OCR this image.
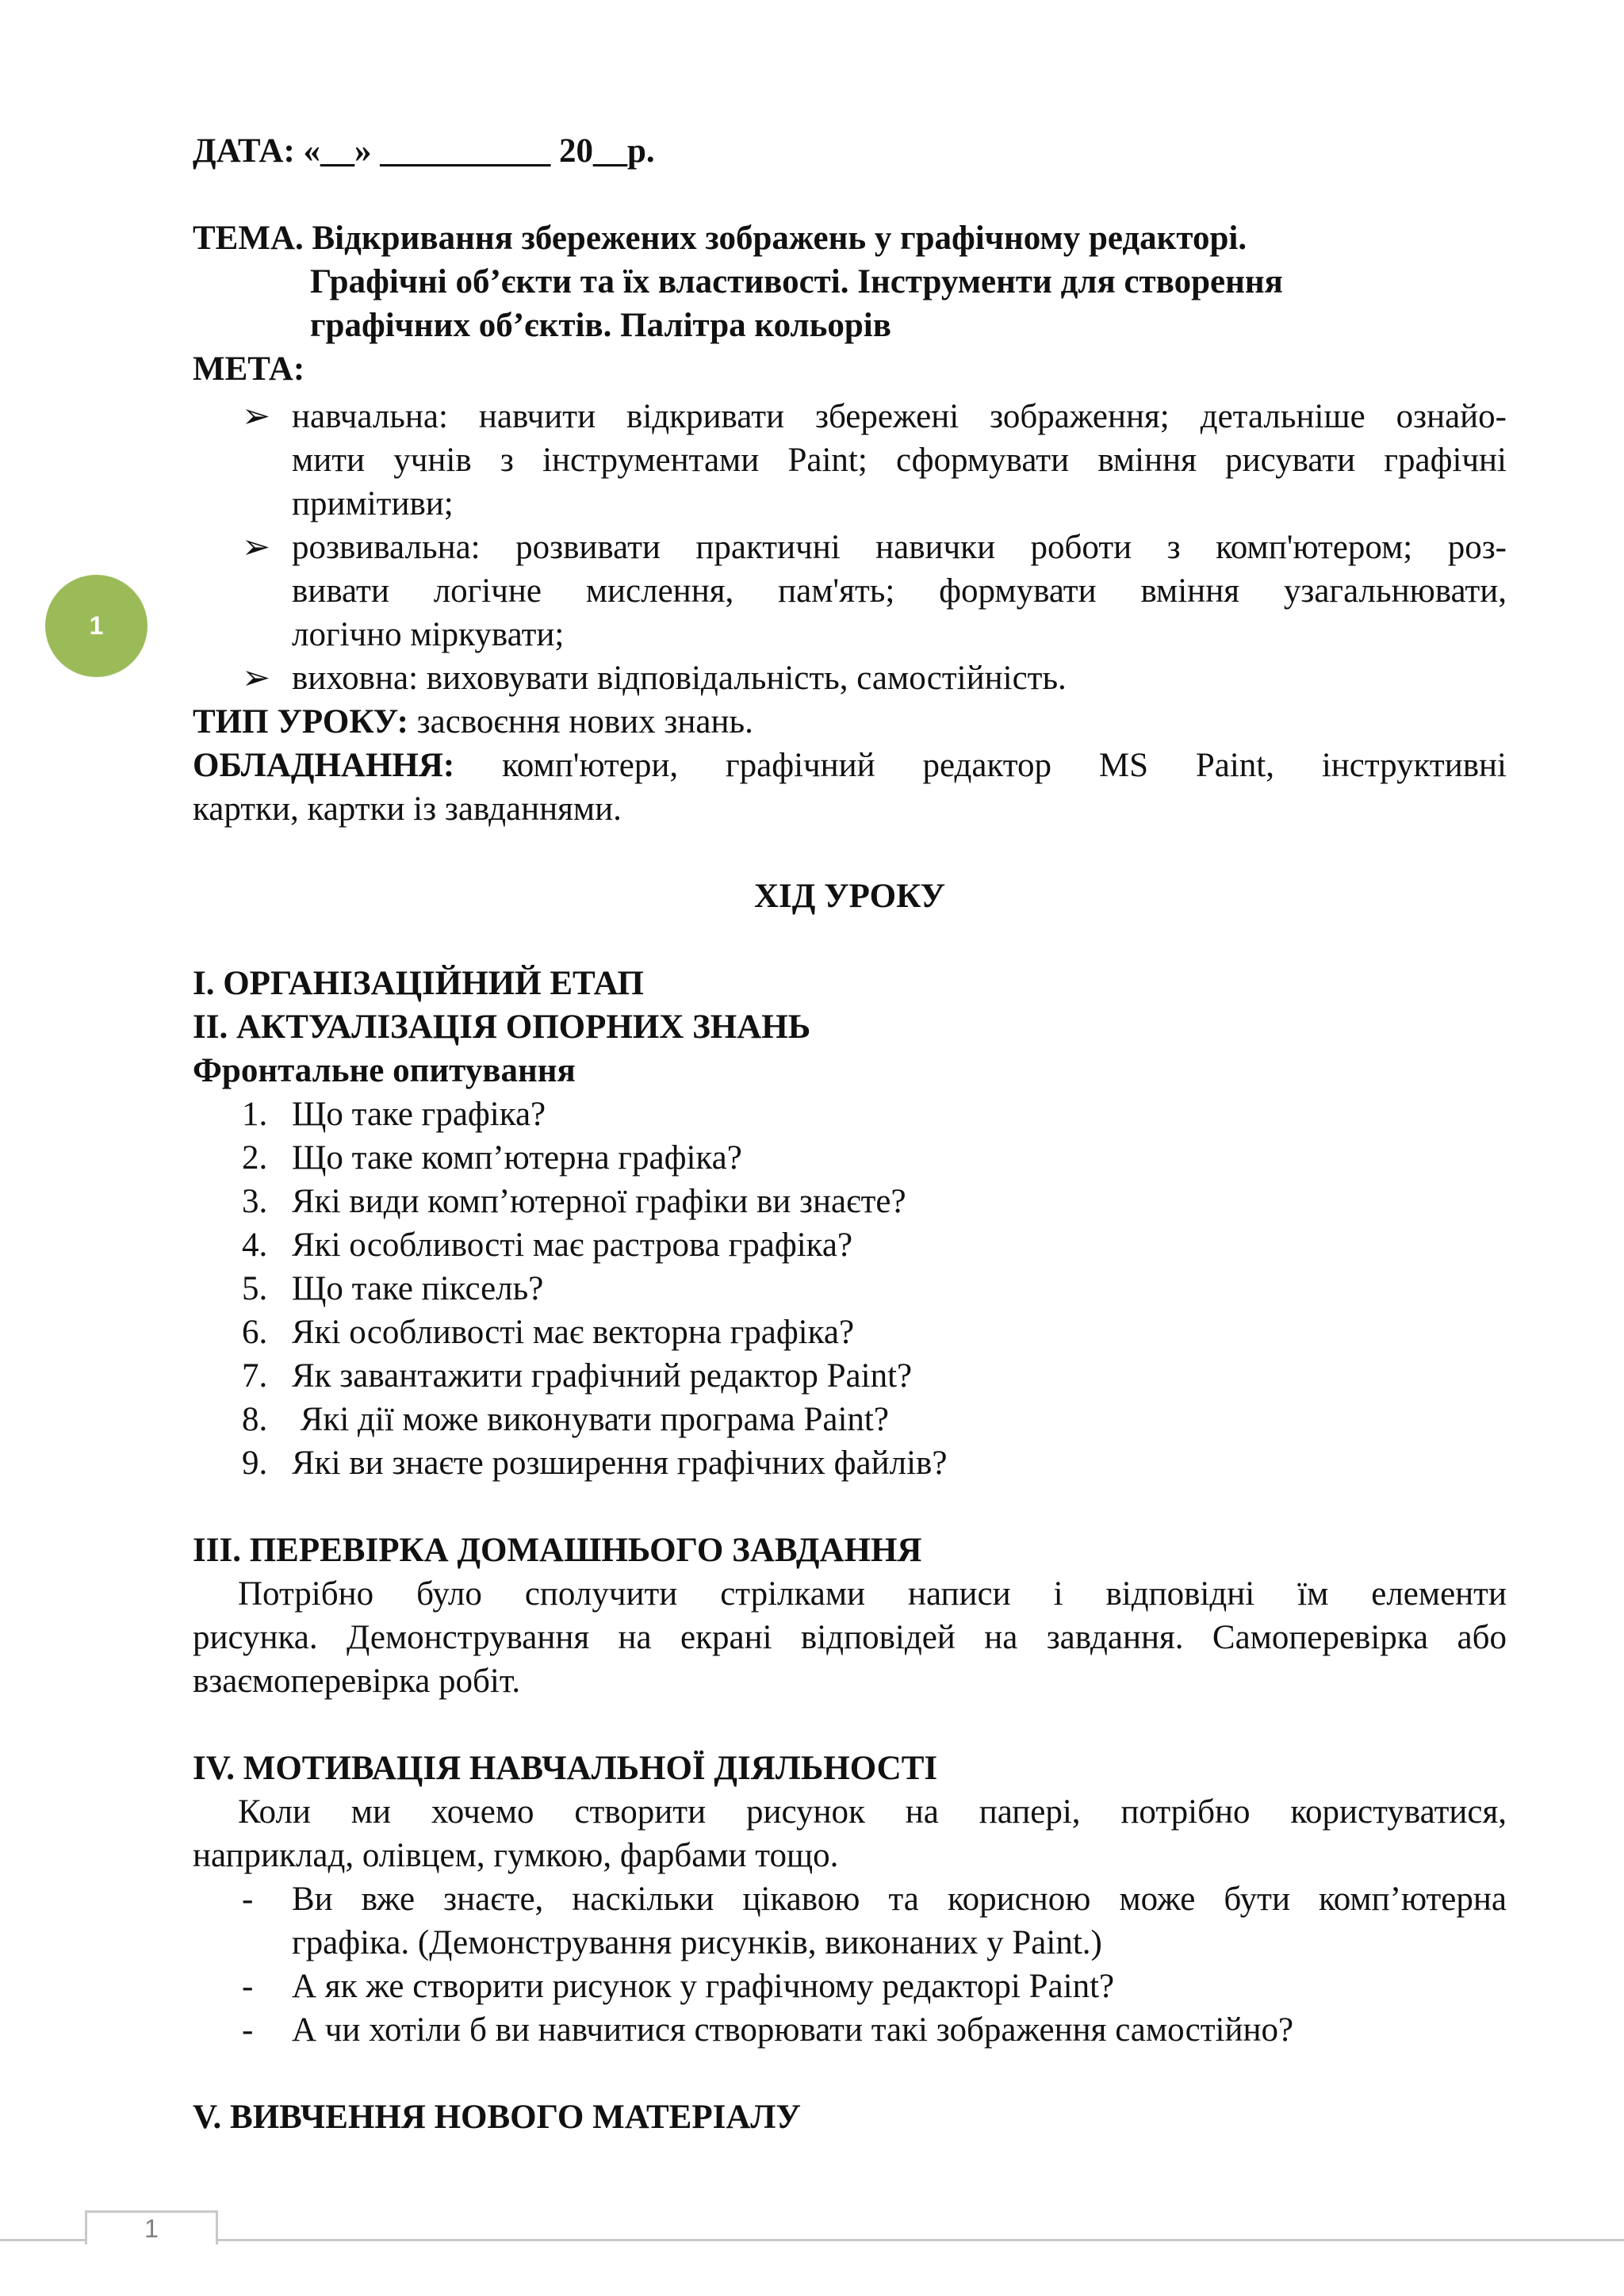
1
ДАТА: «__» __________ 20__р.
ТЕМА. Відкривання збережених зображень у графічному редакторі.
Графічні об’єкти та їх властивості. Інструменти для створення
графічних об’єктів. Палітра кольорів
МЕТА:
➢ навчальна: навчити відкривати збережені зображення; детальніше ознайо-
мити учнів з інструментами Paint; сформувати вміння рисувати графічні
примітиви;
➢ розвивальна: розвивати практичні навички роботи з комп'ютером; роз-
вивати логічне мислення, пам'ять; формувати вміння узагальнювати,
логічно міркувати;
➢ виховна: виховувати відповідальність, самостійність.
ТИП УРОКУ: засвоєння нових знань.
ОБЛАДНАННЯ: комп'ютери, графічний редактор MS Paint, інструктивні
картки, картки із завданнями.
ХІД УРОКУ
I. ОРГАНІЗАЦІЙНИЙ ЕТАП
II. АКТУАЛІЗАЦІЯ ОПОРНИХ ЗНАНЬ
Фронтальне опитування
1. Що таке графіка?
2. Що таке комп’ютерна графіка?
3. Які види комп’ютерної графіки ви знаєте?
4. Які особливості має растрова графіка?
5. Що таке піксель?
6. Які особливості має векторна графіка?
7. Як завантажити графічний редактор Paint?
8. Які дії може виконувати програма Paint?
9. Які ви знаєте розширення графічних файлів?
III. ПЕРЕВІРКА ДОМАШНЬОГО ЗАВДАННЯ
Потрібно було сполучити стрілками написи і відповідні їм елементи
рисунка. Демонстрування на екрані відповідей на завдання. Самоперевірка або
взаємоперевірка робіт.
IV. МОТИВАЦІЯ НАВЧАЛЬНОЇ ДІЯЛЬНОСТІ
Коли ми хочемо створити рисунок на папері, потрібно користуватися,
наприклад, олівцем, гумкою, фарбами тощо.
- Ви вже знаєте, наскільки цікавою та корисною може бути комп’ютерна
графіка. (Демонстрування рисунків, виконаних у Paint.)
- А як же створити рисунок у графічному редакторі Paint?
- А чи хотіли б ви навчитися створювати такі зображення самостійно?
V. ВИВЧЕННЯ НОВОГО МАТЕРІАЛУ
1
